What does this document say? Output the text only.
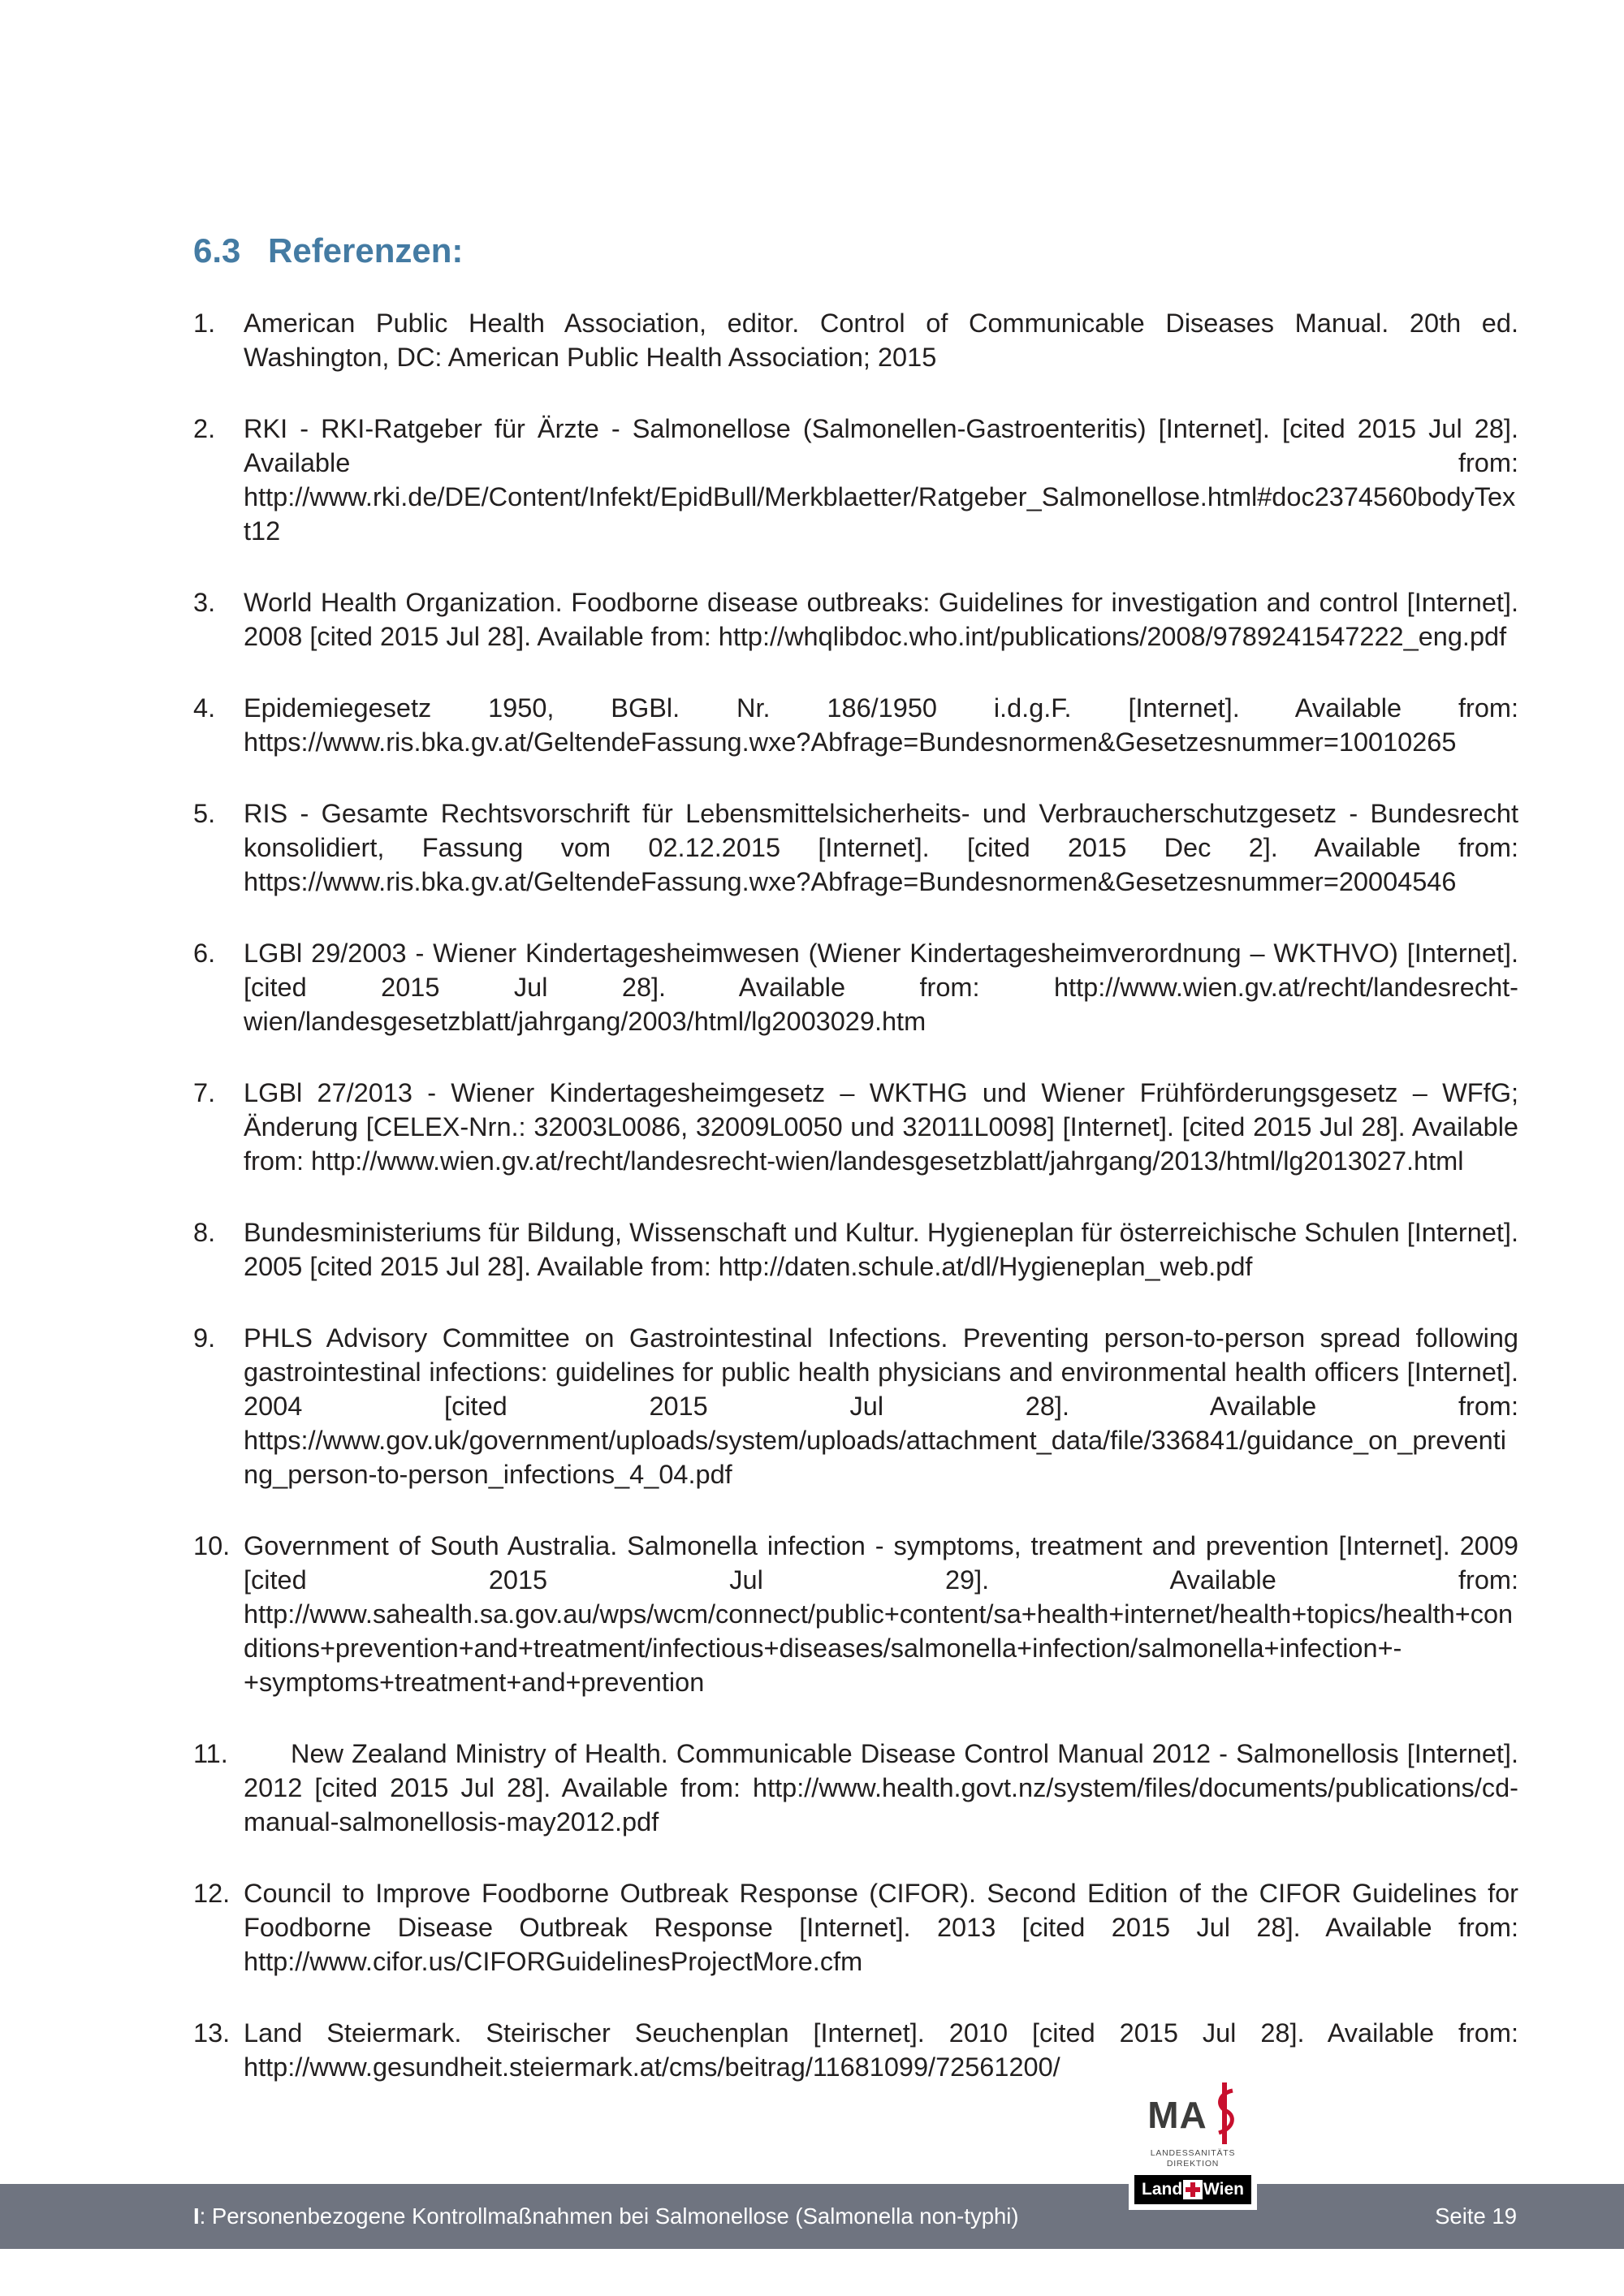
6.3 Referenzen:
1.	American Public Health Association, editor. Control of Communicable Diseases Manual. 20th ed. Washington, DC: American Public Health Association; 2015
2.	RKI - RKI-Ratgeber für Ärzte - Salmonellose (Salmonellen-Gastroenteritis) [Internet]. [cited 2015 Jul 28]. Available from: http://www.rki.de/DE/Content/Infekt/EpidBull/Merkblaetter/Ratgeber_Salmonellose.html#doc2374560bodyText12
3.	World Health Organization. Foodborne disease outbreaks: Guidelines for investigation and control [Internet]. 2008 [cited 2015 Jul 28]. Available from: http://whqlibdoc.who.int/publications/2008/9789241547222_eng.pdf
4.	Epidemiegesetz 1950, BGBl. Nr. 186/1950 i.d.g.F. [Internet]. Available from: https://www.ris.bka.gv.at/GeltendeFassung.wxe?Abfrage=Bundesnormen&Gesetzesnummer=10010265
5.	RIS - Gesamte Rechtsvorschrift für Lebensmittelsicherheits- und Verbraucherschutzgesetz - Bundesrecht konsolidiert, Fassung vom 02.12.2015 [Internet]. [cited 2015 Dec 2]. Available from: https://www.ris.bka.gv.at/GeltendeFassung.wxe?Abfrage=Bundesnormen&Gesetzesnummer=20004546
6.	LGBl 29/2003 - Wiener Kindertagesheimwesen (Wiener Kindertagesheimverordnung – WKTHVO) [Internet]. [cited 2015 Jul 28]. Available from: http://www.wien.gv.at/recht/landesrecht-wien/landesgesetzblatt/jahrgang/2003/html/lg2003029.htm
7.	LGBl 27/2013 - Wiener Kindertagesheimgesetz – WKTHG und Wiener Frühförderungsgesetz – WFfG; Änderung [CELEX-Nrn.: 32003L0086, 32009L0050 und 32011L0098] [Internet]. [cited 2015 Jul 28]. Available from: http://www.wien.gv.at/recht/landesrecht-wien/landesgesetzblatt/jahrgang/2013/html/lg2013027.html
8.	Bundesministeriums für Bildung, Wissenschaft und Kultur. Hygieneplan für österreichische Schulen [Internet]. 2005 [cited 2015 Jul 28]. Available from: http://daten.schule.at/dl/Hygieneplan_web.pdf
9.	PHLS Advisory Committee on Gastrointestinal Infections. Preventing person-to-person spread following gastrointestinal infections: guidelines for public health physicians and environmental health officers [Internet]. 2004 [cited 2015 Jul 28]. Available from: https://www.gov.uk/government/uploads/system/uploads/attachment_data/file/336841/guidance_on_preventing_person-to-person_infections_4_04.pdf
10. Government of South Australia. Salmonella infection - symptoms, treatment and prevention [Internet]. 2009 [cited 2015 Jul 29]. Available from: http://www.sahealth.sa.gov.au/wps/wcm/connect/public+content/sa+health+internet/health+topics/health+conditions+prevention+and+treatment/infectious+diseases/salmonella+infection/salmonella+infection+-+symptoms+treatment+and+prevention
11.	New Zealand Ministry of Health. Communicable Disease Control Manual 2012 - Salmonellosis [Internet]. 2012 [cited 2015 Jul 28]. Available from: http://www.health.govt.nz/system/files/documents/publications/cd-manual-salmonellosis-may2012.pdf
12. Council to Improve Foodborne Outbreak Response (CIFOR). Second Edition of the CIFOR Guidelines for Foodborne Disease Outbreak Response [Internet]. 2013 [cited 2015 Jul 28]. Available from: http://www.cifor.us/CIFORGuidelinesProjectMore.cfm
13. Land Steiermark. Steirischer Seuchenplan [Internet]. 2010 [cited 2015 Jul 28]. Available from: http://www.gesundheit.steiermark.at/cms/beitrag/11681099/72561200/
MA
LANDESSANITÄTS
DIREKTION
Land Wien
I: Personenbezogene Kontrollmaßnahmen bei Salmonellose (Salmonella non-typhi)	Seite 19
